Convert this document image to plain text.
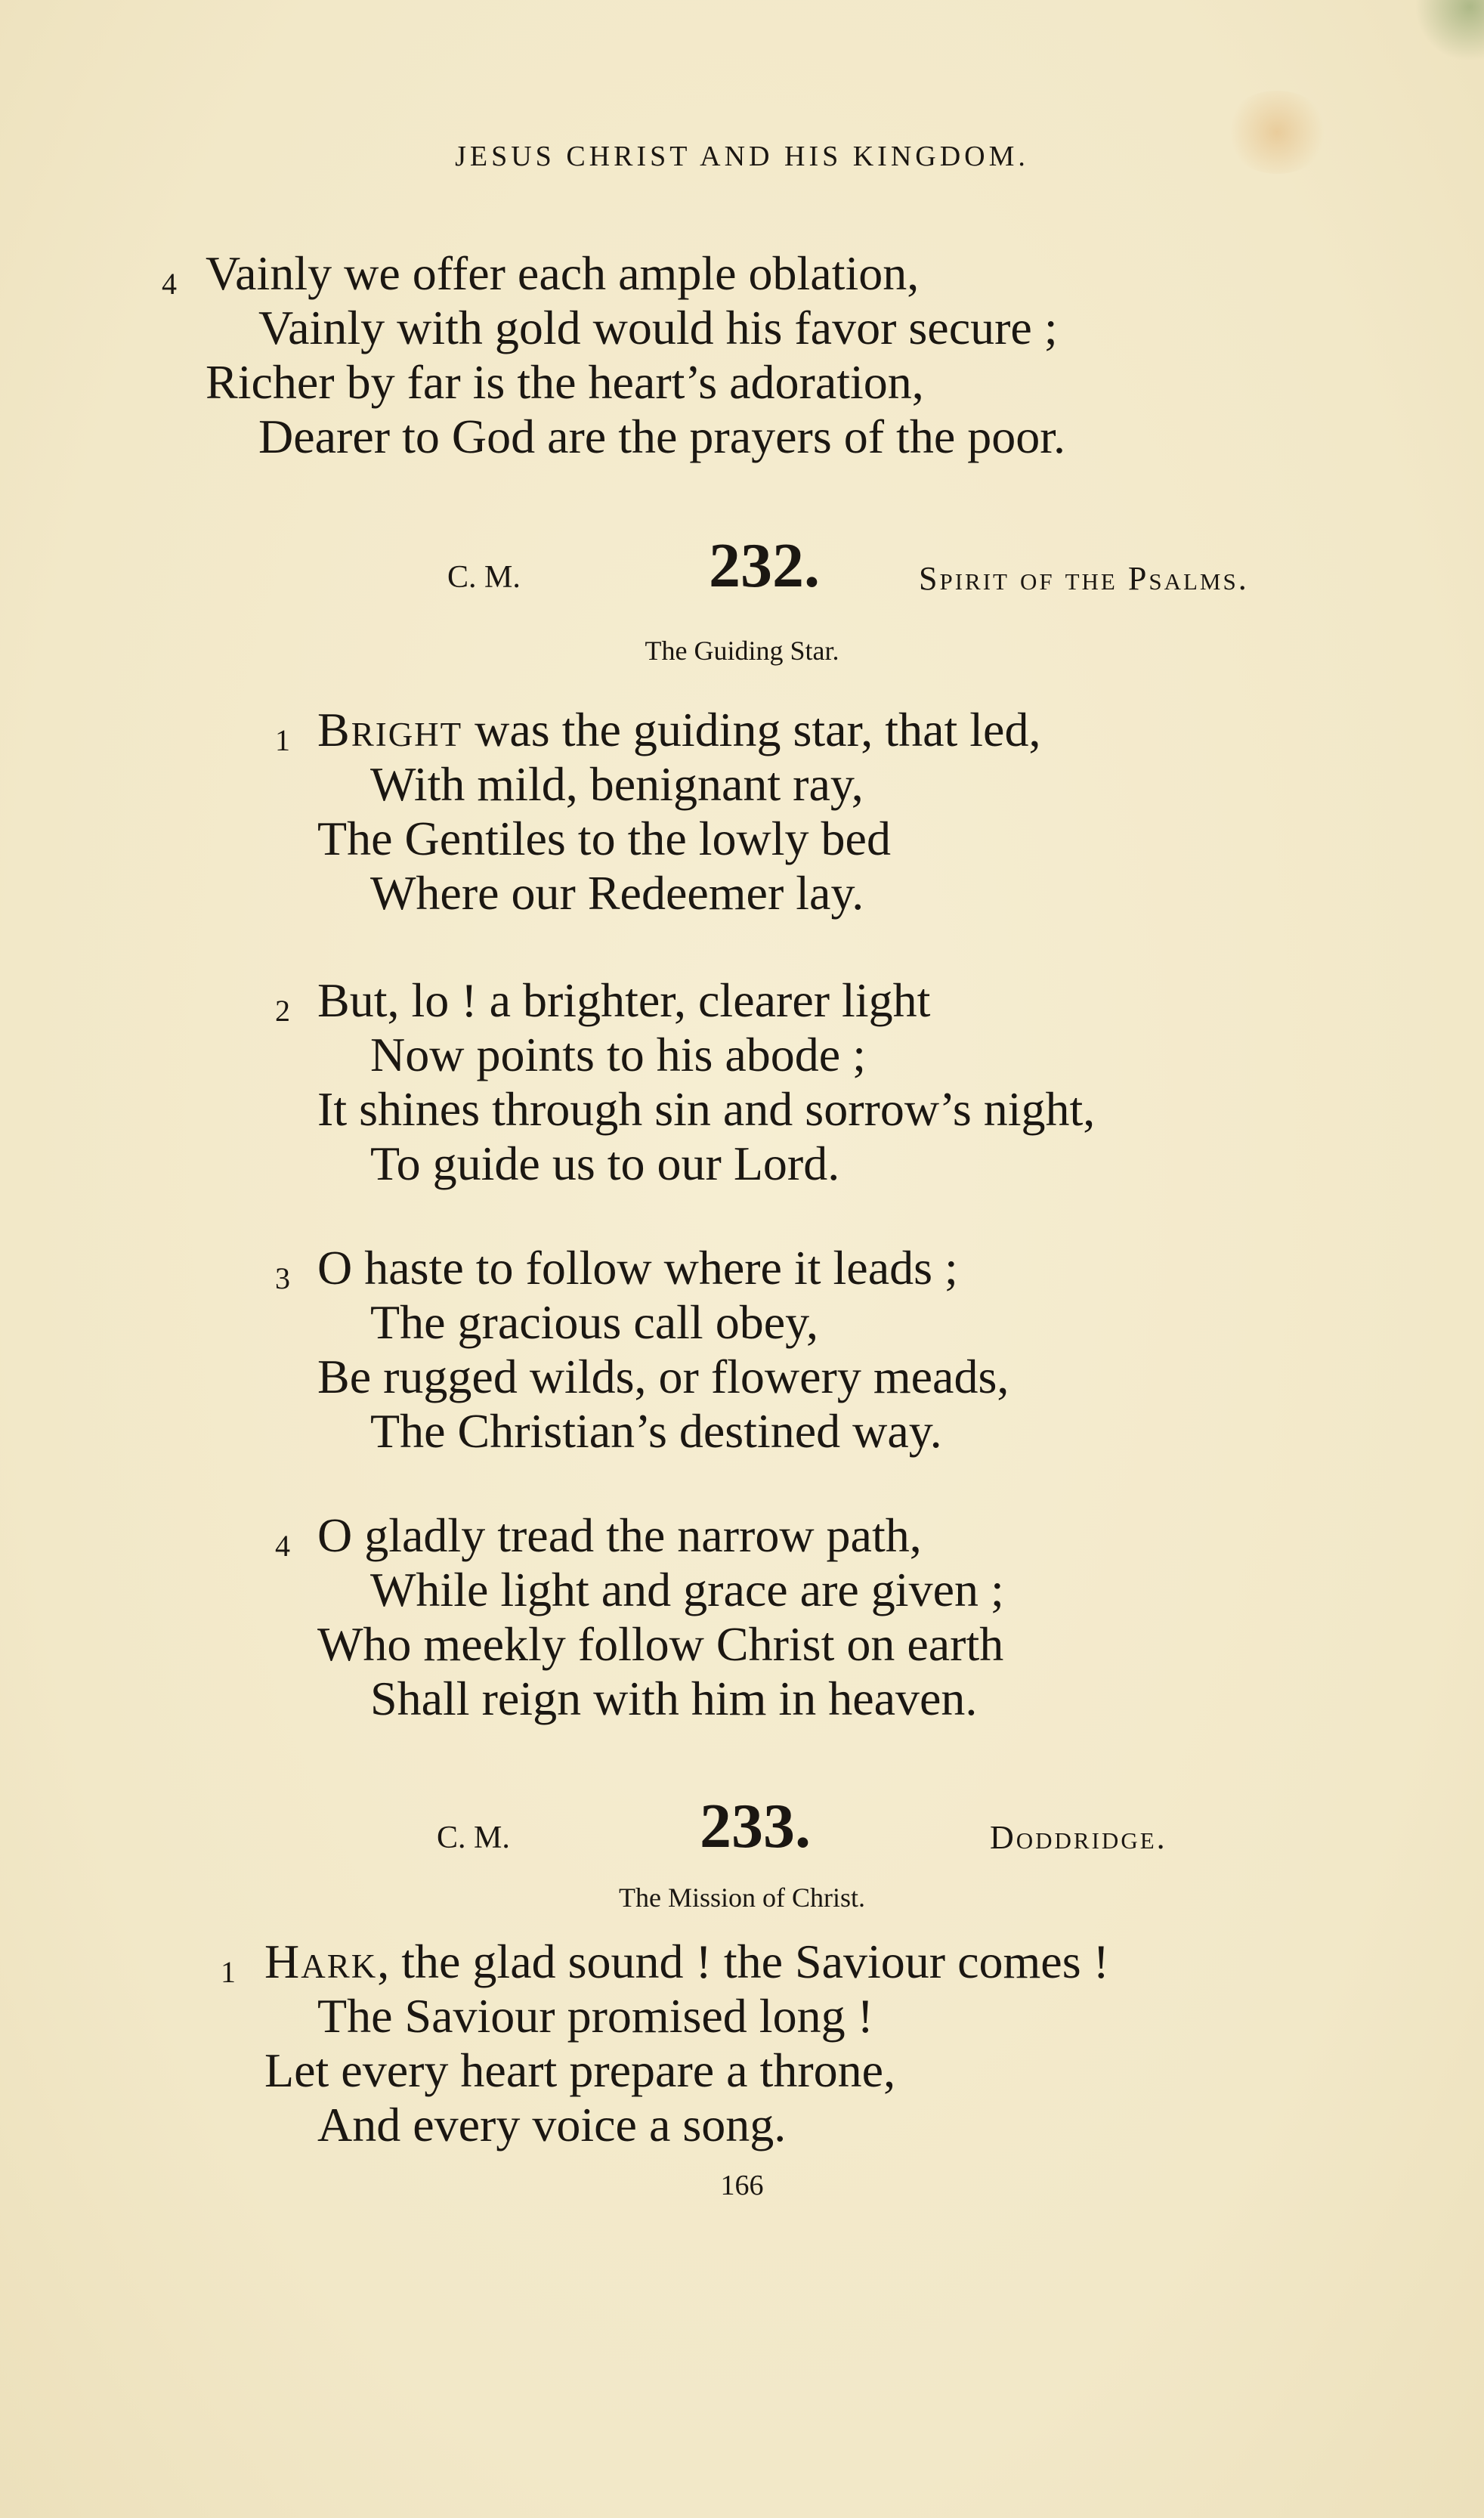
JESUS CHRIST AND HIS KINGDOM.
4 Vainly we offer each ample oblation,
Vainly with gold would his favor secure ;
Richer by far is the heart’s adoration,
Dearer to God are the prayers of the poor.
C. M.	232.	Spirit of the Psalms.
The Guiding Star.
1 Bright was the guiding star, that led,
With mild, benignant ray,
The Gentiles to the lowly bed
Where our Redeemer lay.
2 But, lo ! a brighter, clearer light
Now points to his abode ;
It shines through sin and sorrow’s night,
To guide us to our Lord.
3 O haste to follow where it leads ;
The gracious call obey,
Be rugged wilds, or flowery meads,
The Christian’s destined way.
4 O gladly tread the narrow path,
While light and grace are given ;
Who meekly follow Christ on earth
Shall reign with him in heaven.
C. M.	233.	Doddridge.
The Mission of Christ.
1 Hark, the glad sound ! the Saviour comes !
The Saviour promised long !
Let every heart prepare a throne,
And every voice a song.
166
